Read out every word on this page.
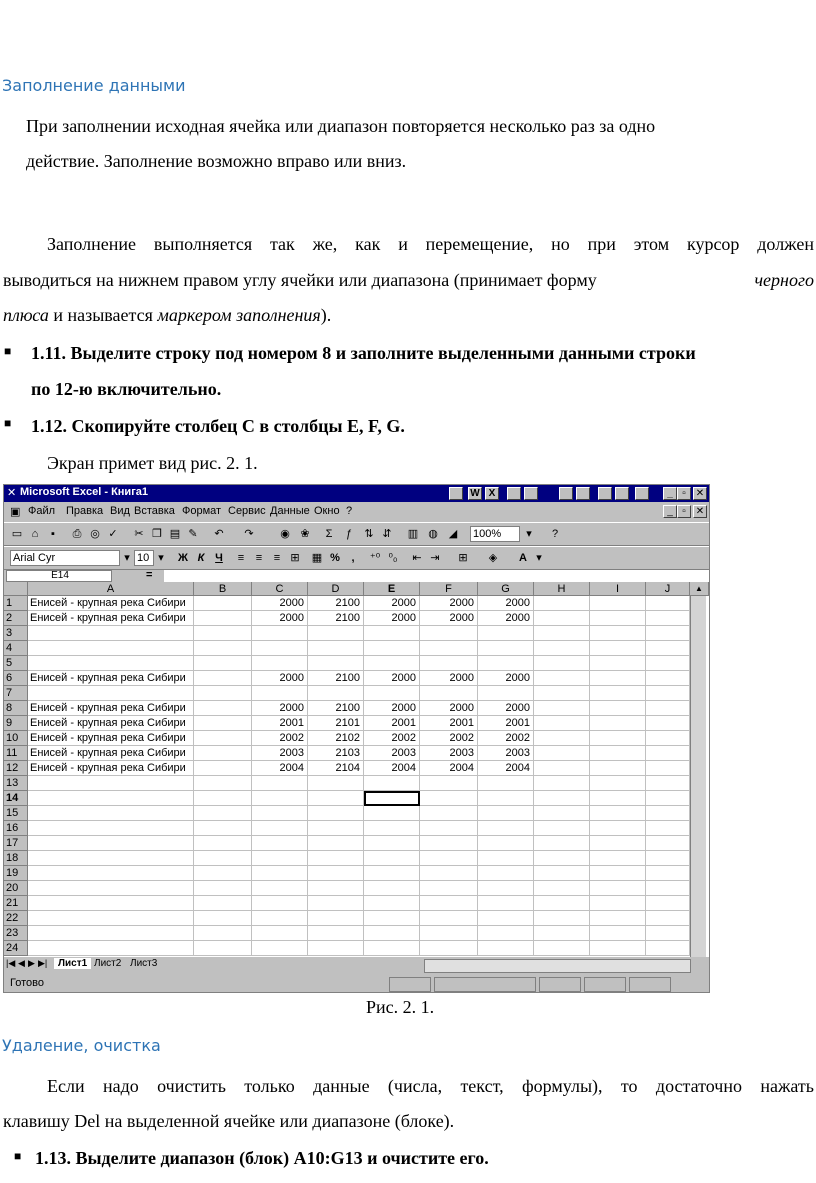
Заполнение данными
При заполнении исходная ячейка или диапазон повторяется несколько раз за одно
действие. Заполнение возможно вправо или вниз.
Заполнение выполняется так же, как и перемещение, но при этом курсор должен
выводиться на нижнем правом углу ячейки или диапазона (принимает форму	черного
плюса и называется маркером заполнения).
■ 1.11. Выделите строку под номером 8 и заполните выделенными данными строки
по 12-ю включительно.
■ 1.12. Скопируйте столбец С в столбцы E, F, G.
Экран примет вид рис. 2. 1.
✕ Microsoft Excel - Книга1	W X	_ ▫	✕
▣ Файл Правка Вид Вставка Формат Сервис Данные Окно ?	_ ▫	✕
▭ ⌂	▪	⎙ ◎ ✓	✂ ❐ ▤ ✎	↶	↷	◉ ❀	Σ	ƒ	⇅ ⇵	▥ ◍ ◢	100%	▾	?
Arial Cyr	▾ 10 ▾	Ж К Ч	≡	≡	≡ ⊞	▦ %	,	⁺⁰ ⁰₀	⇤ ⇥	⊞	◈	A ▾
E14	=
A	B	C	D	E	F	G	H	I	J	▲
1	Енисей - крупная река Сибири	2000	2100	2000	2000	2000
2	Енисей - крупная река Сибири	2000	2100	2000	2000	2000
3
4
5
6	Енисей - крупная река Сибири	2000	2100	2000	2000	2000
7
8	Енисей - крупная река Сибири	2000	2100	2000	2000	2000
9	Енисей - крупная река Сибири	2001	2101	2001	2001	2001
10	Енисей - крупная река Сибири	2002	2102	2002	2002	2002
11	Енисей - крупная река Сибири	2003	2103	2003	2003	2003
12	Енисей - крупная река Сибири	2004	2104	2004	2004	2004
13
14
15
16
17
18
19
20
21
22
23
24
|◀ ◀ ▶ ▶|	Лист1 Лист2 Лист3
Готово
Рис. 2. 1.
Удаление, очистка
Если надо очистить только данные (числа, текст, формулы), то достаточно нажать
клавишу Del на выделенной ячейке или диапазоне (блоке).
■ 1.13. Выделите диапазон (блок) A10:G13 и очистите его.
